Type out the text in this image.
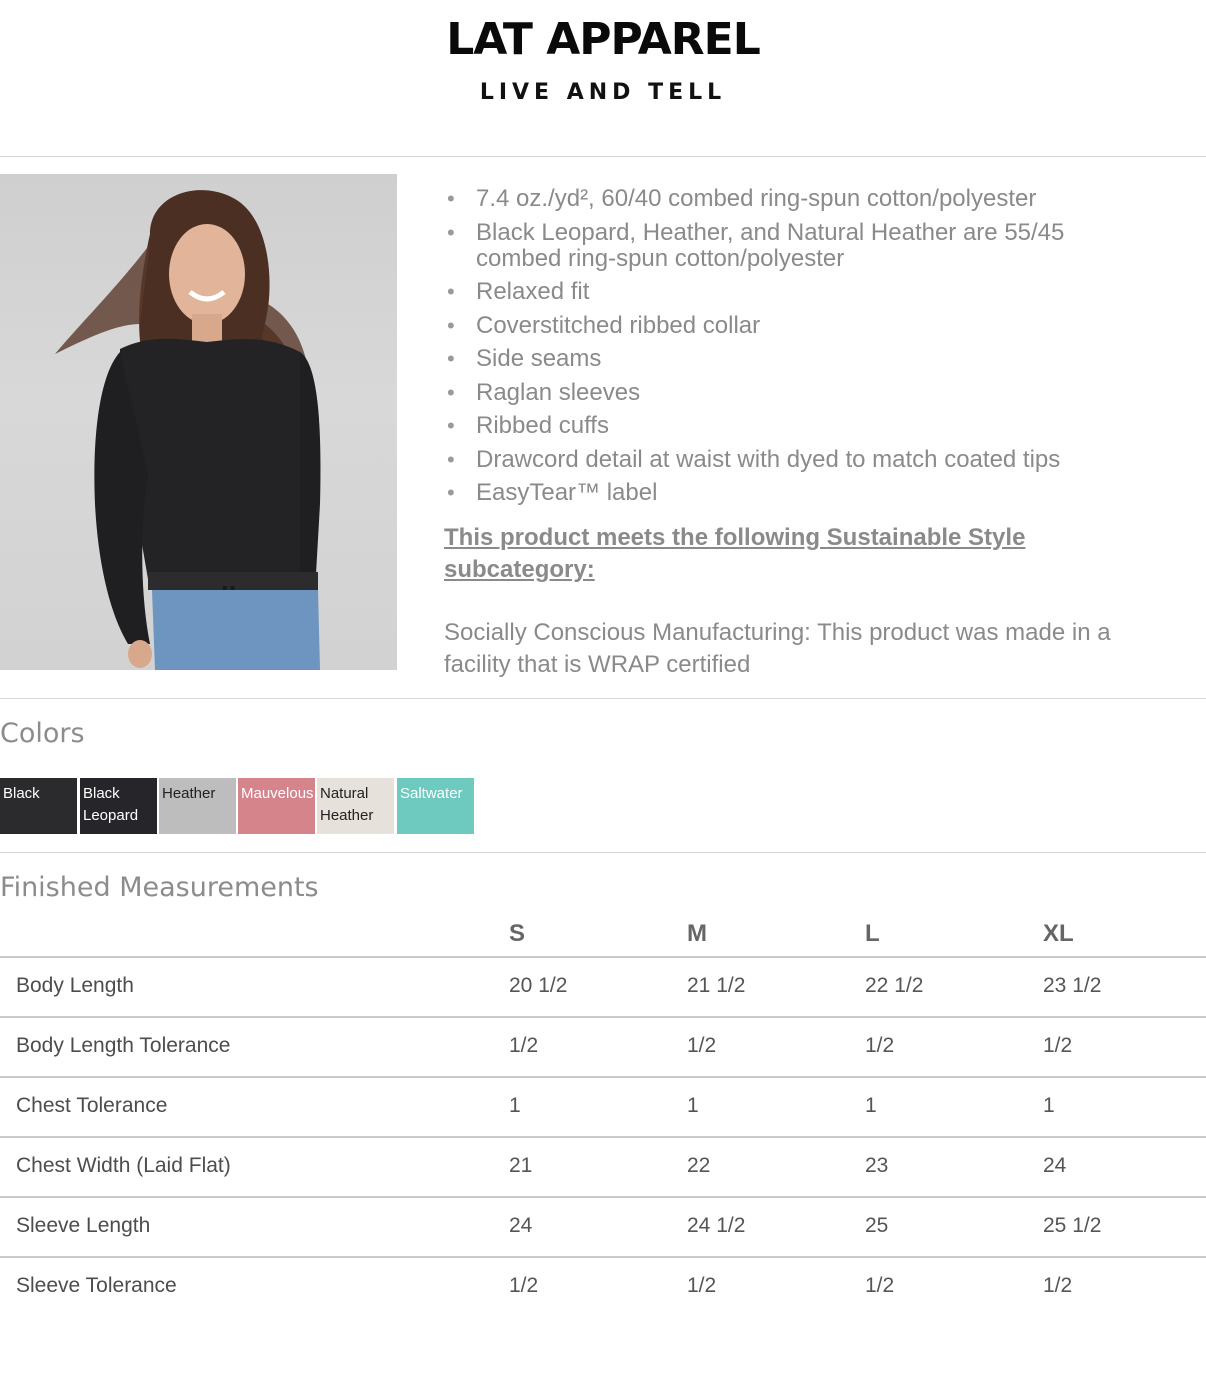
LAT APPAREL
LIVE AND TELL
• 7.4 oz./yd², 60/40 combed ring-spun cotton/polyester
• Black Leopard, Heather, and Natural Heather are 55/45 combed ring-spun cotton/polyester
• Relaxed fit
• Coverstitched ribbed collar
• Side seams
• Raglan sleeves
• Ribbed cuffs
• Drawcord detail at waist with dyed to match coated tips
• EasyTear™ label
This product meets the following Sustainable Style subcategory:
Socially Conscious Manufacturing: This product was made in a facility that is WRAP certified
Colors
Black	Black Leopard
Heather	Mauvelous Natural Heather
Saltwater
Finished Measurements
S	M	L	XL
Body Length	20 1/2	21 1/2	22 1/2	23 1/2
Body Length Tolerance	1/2	1/2	1/2	1/2
Chest Tolerance	1	1	1	1
Chest Width (Laid Flat)	21	22	23	24
Sleeve Length	24	24 1/2	25	25 1/2
Sleeve Tolerance	1/2	1/2	1/2	1/2
